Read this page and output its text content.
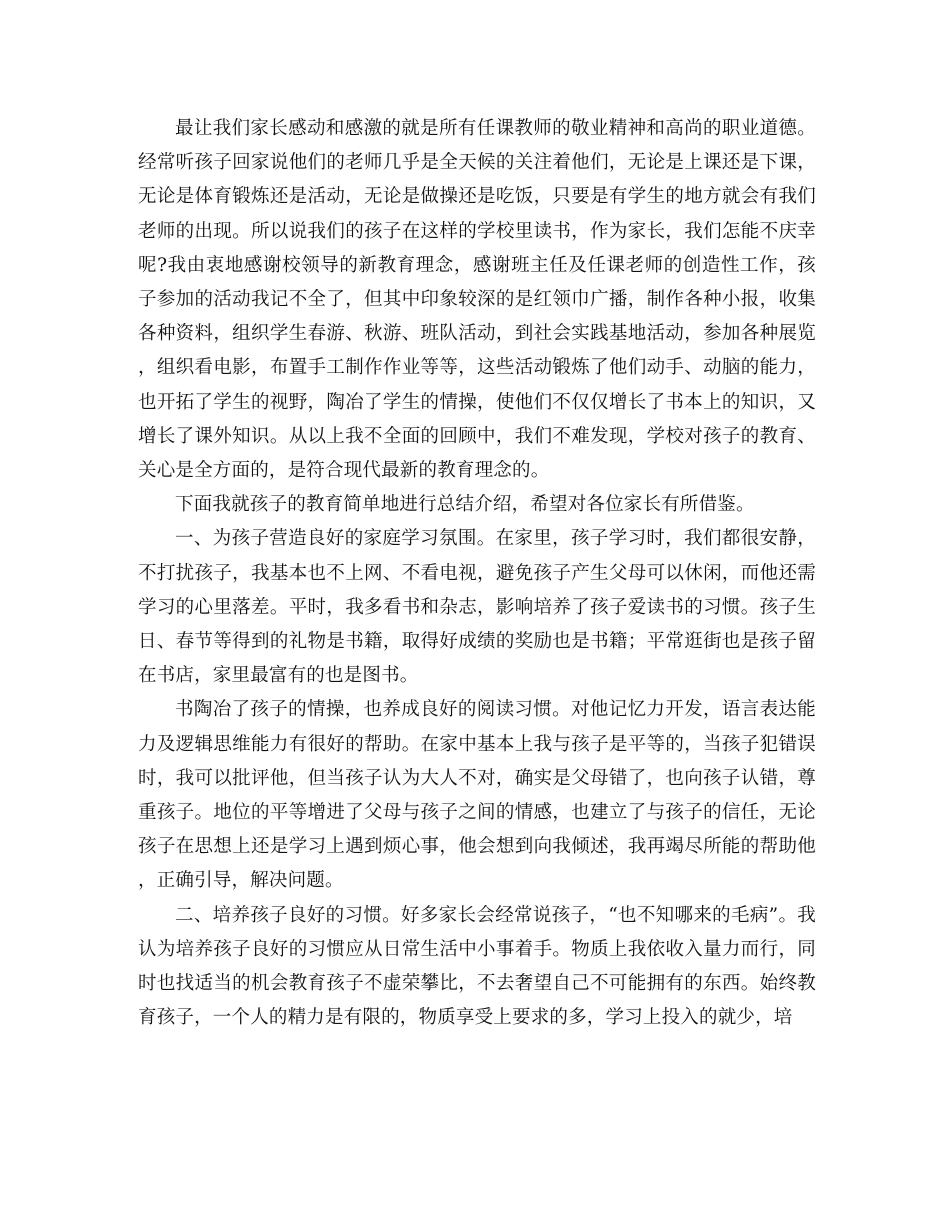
最让我们家长感动和感激的就是所有任课教师的敬业精神和高尚的职业道德。经常听孩子回家说他们的老师几乎是全天候的关注着他们，无论是上课还是下课，无论是体育锻炼还是活动，无论是做操还是吃饭，只要是有学生的地方就会有我们老师的出现。所以说我们的孩子在这样的学校里读书，作为家长，我们怎能不庆幸呢?我由衷地感谢校领导的新教育理念，感谢班主任及任课老师的创造性工作，孩子参加的活动我记不全了，但其中印象较深的是红领巾广播，制作各种小报，收集各种资料，组织学生春游、秋游、班队活动，到社会实践基地活动，参加各种展览，组织看电影，布置手工制作作业等等，这些活动锻炼了他们动手、动脑的能力，也开拓了学生的视野，陶冶了学生的情操，使他们不仅仅增长了书本上的知识，又增长了课外知识。从以上我不全面的回顾中，我们不难发现，学校对孩子的教育、关心是全方面的，是符合现代最新的教育理念的。

下面我就孩子的教育简单地进行总结介绍，希望对各位家长有所借鉴。

一、为孩子营造良好的家庭学习氛围。在家里，孩子学习时，我们都很安静，不打扰孩子，我基本也不上网、不看电视，避免孩子产生父母可以休闲，而他还需学习的心里落差。平时，我多看书和杂志，影响培养了孩子爱读书的习惯。孩子生日、春节等得到的礼物是书籍，取得好成绩的奖励也是书籍；平常逛街也是孩子留在书店，家里最富有的也是图书。

书陶冶了孩子的情操，也养成良好的阅读习惯。对他记忆力开发，语言表达能力及逻辑思维能力有很好的帮助。在家中基本上我与孩子是平等的，当孩子犯错误时，我可以批评他，但当孩子认为大人不对，确实是父母错了，也向孩子认错，尊重孩子。地位的平等增进了父母与孩子之间的情感，也建立了与孩子的信任，无论孩子在思想上还是学习上遇到烦心事，他会想到向我倾述，我再竭尽所能的帮助他，正确引导，解决问题。

二、培养孩子良好的习惯。好多家长会经常说孩子，“也不知哪来的毛病”。我认为培养孩子良好的习惯应从日常生活中小事着手。物质上我依收入量力而行，同时也找适当的机会教育孩子不虚荣攀比，不去奢望自己不可能拥有的东西。始终教育孩子，一个人的精力是有限的，物质享受上要求的多，学习上投入的就少，培
